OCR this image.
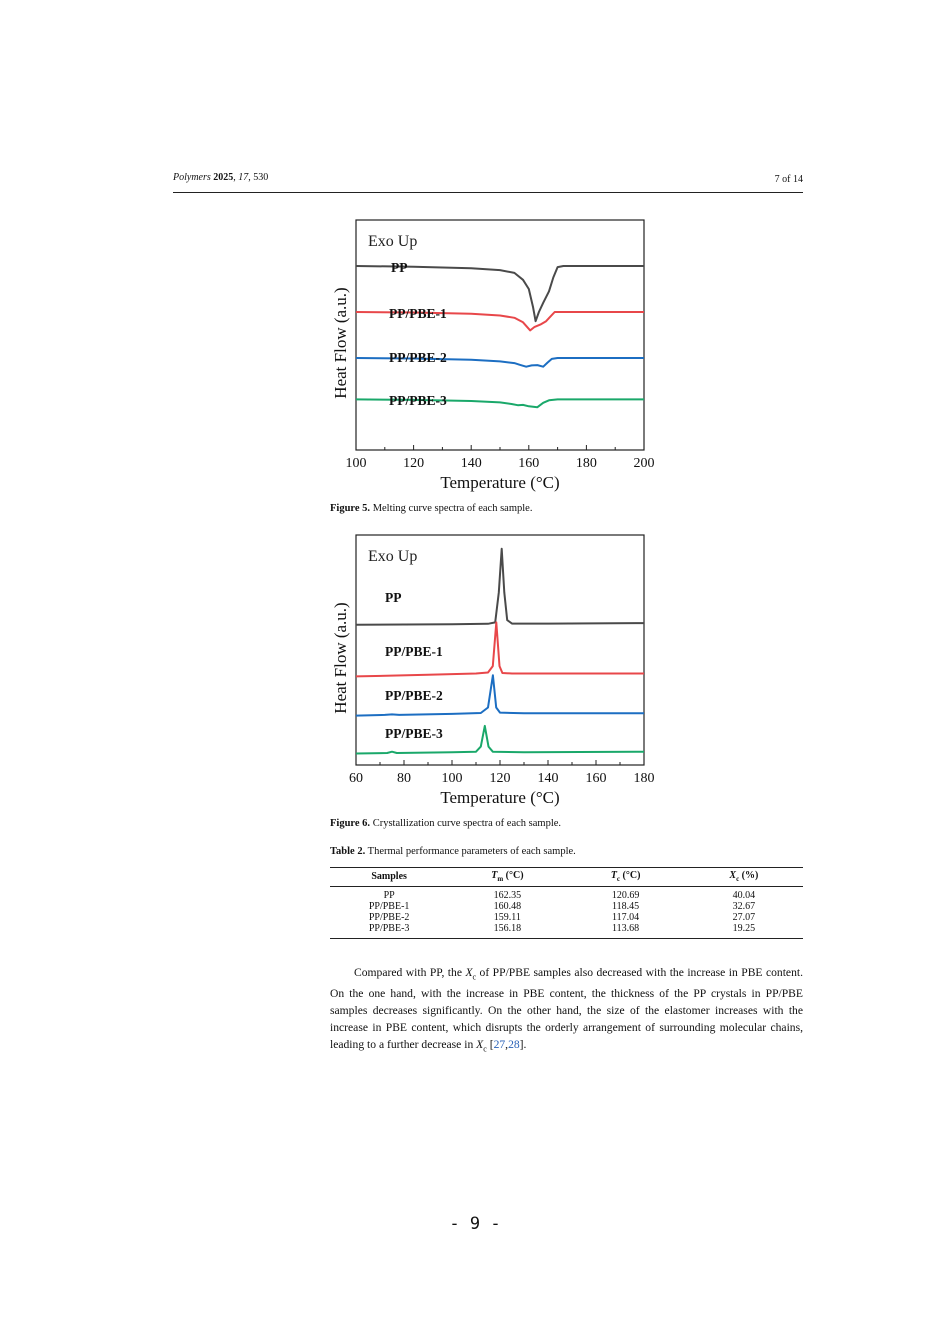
Polymers 2025, 17, 530	7 of 14
100	120	140	160	180	200
Temperature (°C)
Heat Flow (a.u.)
Exo Up
PP
PP/PBE-1
PP/PBE-2
PP/PBE-3
Figure 5. Melting curve spectra of each sample.
60 80 100 120 140 160 180
Temperature (°C)
Heat Flow (a.u.)
Exo Up
PP
PP/PBE-1
PP/PBE-2
PP/PBE-3
Figure 6. Crystallization curve spectra of each sample.
Table 2. Thermal performance parameters of each sample.
Samples	$T_m$ (°C)	$T_c$ (°C)	$X_c$ (%)
PP	162.35	120.69	40.04
PP/PBE-1	160.48	118.45	32.67
PP/PBE-2	159.11	117.04	27.07
PP/PBE-3	156.18	113.68	19.25

Compared with PP, the $X_c$ of PP/PBE samples also decreased with the increase in PBE content. On the one hand, with the increase in PBE content, the thickness of the PP crystals in PP/PBE samples decreases significantly. On the other hand, the size of the elastomer increases with the increase in PBE content, which disrupts the orderly arrangement of surrounding molecular chains, leading to a further decrease in $X_c$ [27,28].

- 9 -
